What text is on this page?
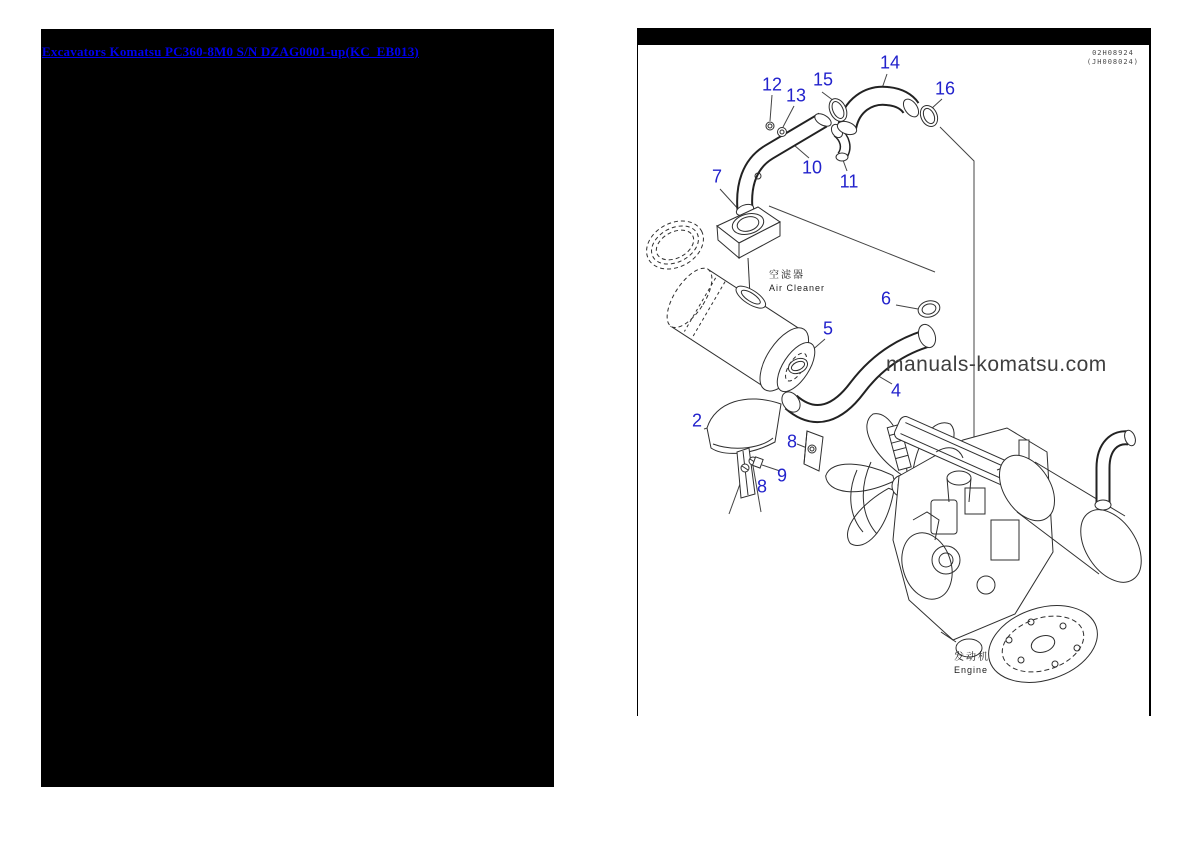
Excavators Komatsu PC360-8M0 S/N DZAG0001-up(KC_EB013)	02H08924
(JH008024)
空滤器
Air Cleaner
发动机
Engine
manuals-komatsu.com
12
13
15
14
16
10
11
7
6
5
4
2
8
9
8
